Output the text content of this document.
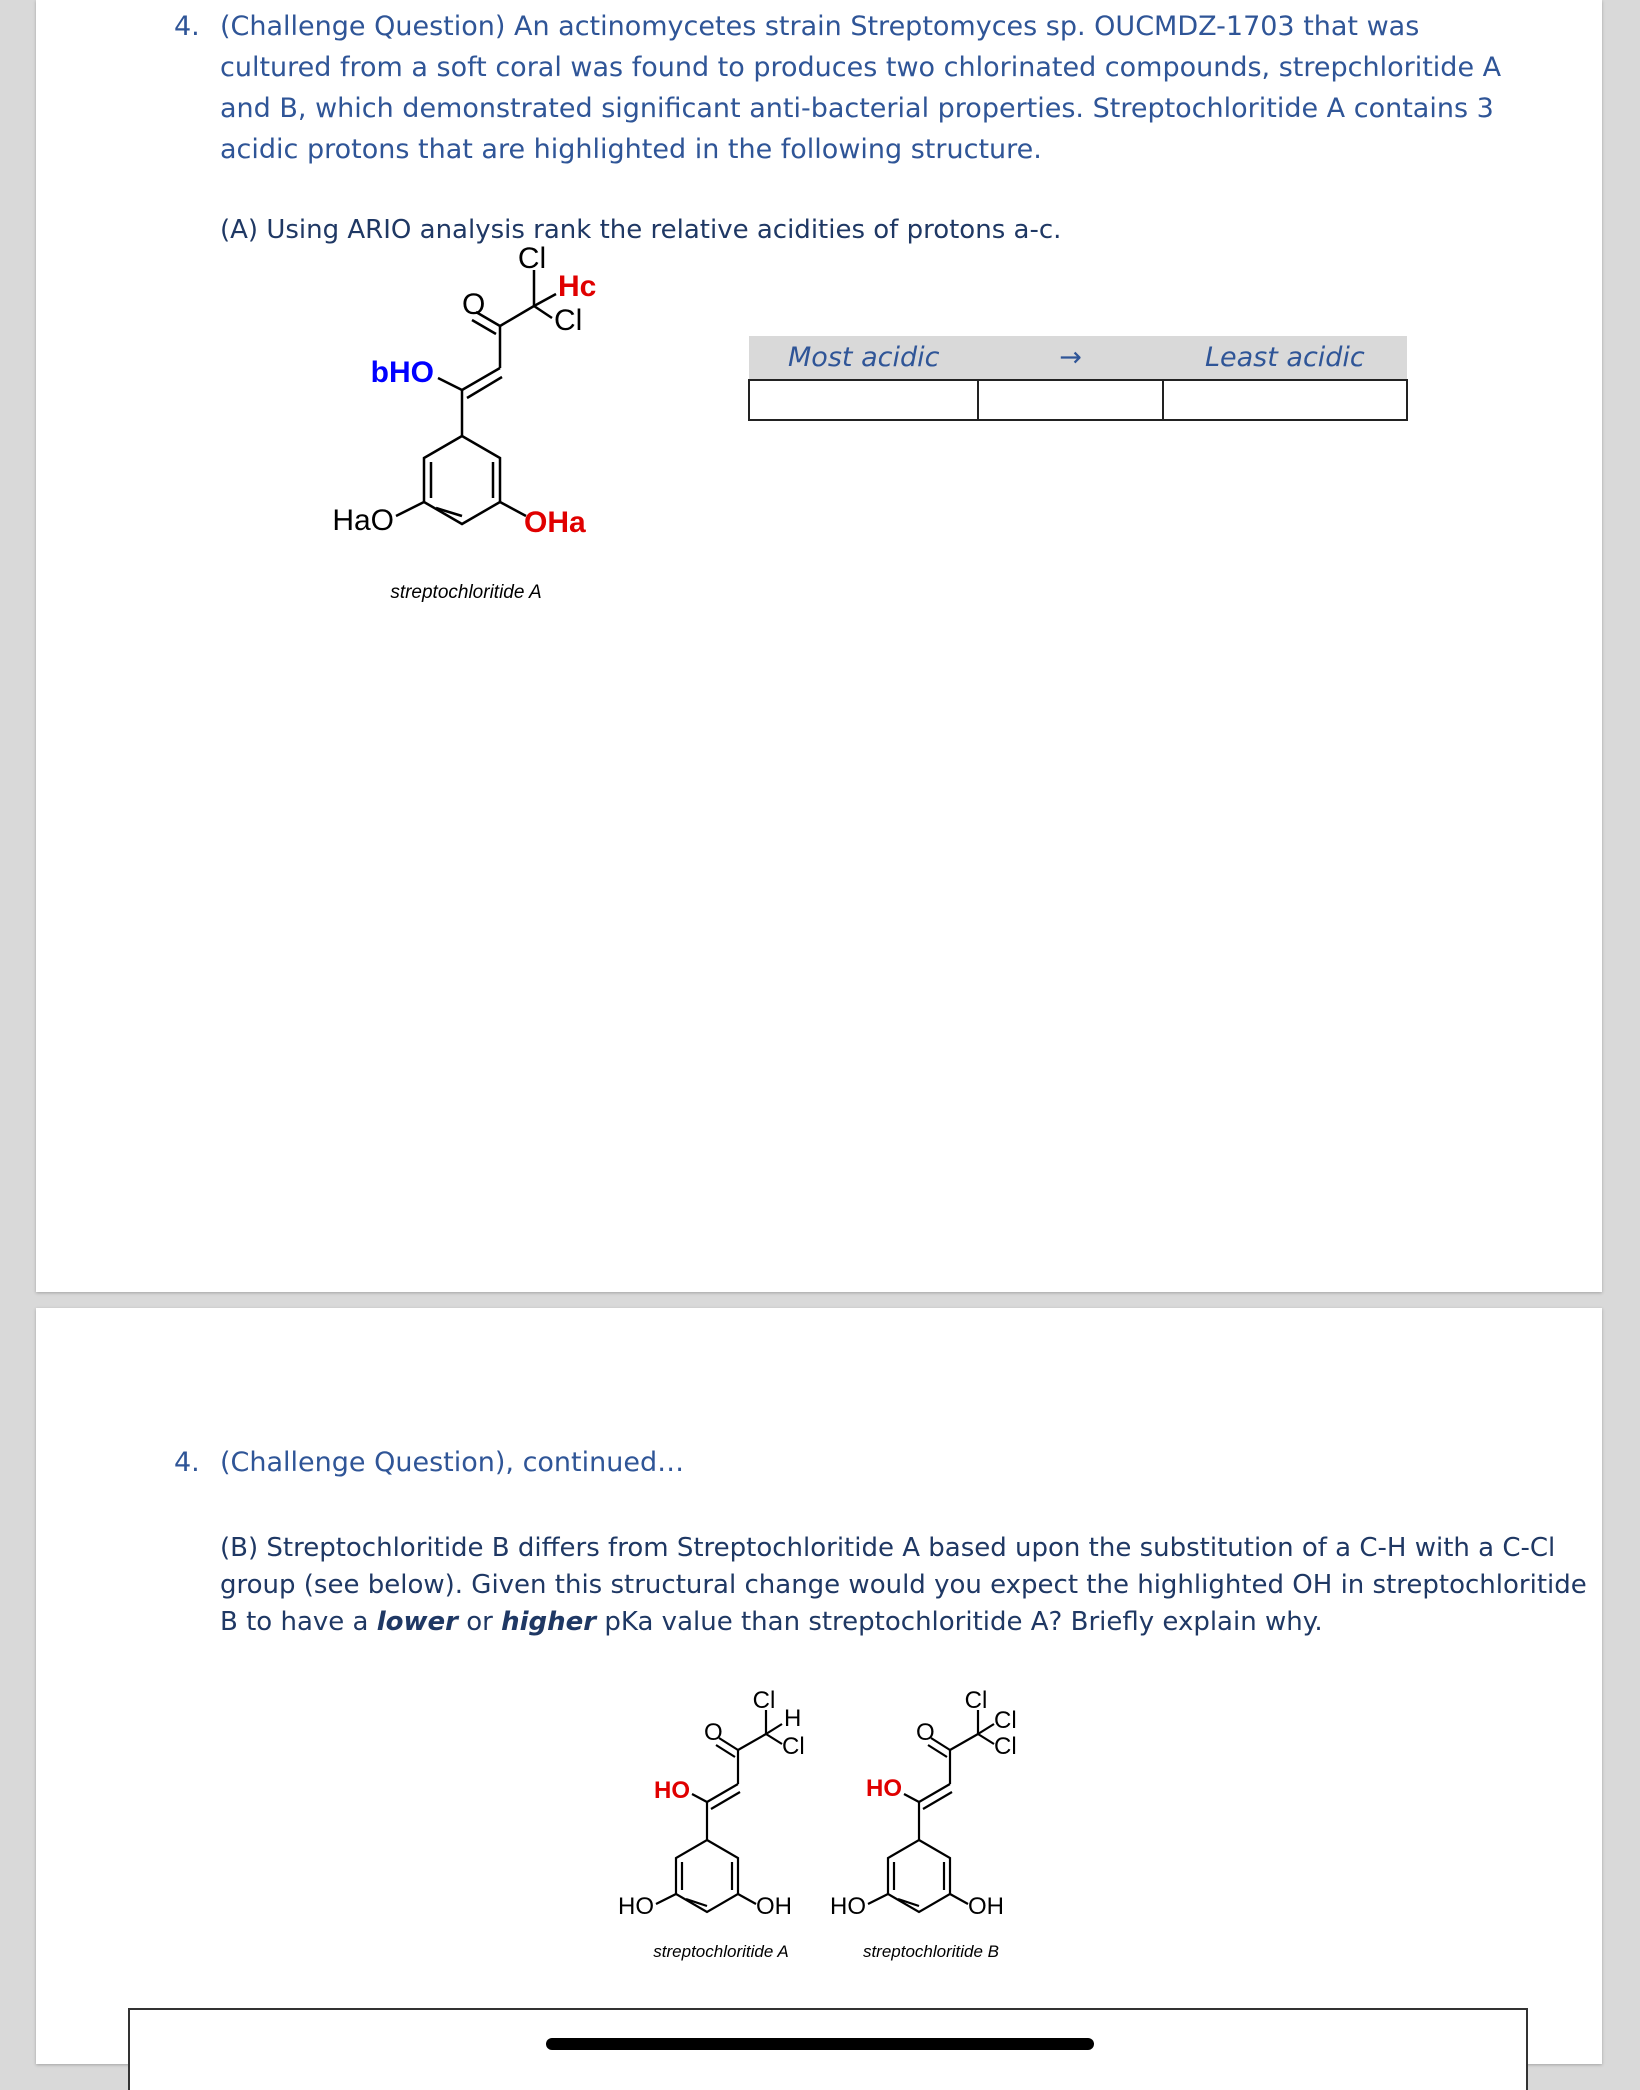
4. (Challenge Question) An actinomycetes strain Streptomyces sp. OUCMDZ-1703 that was
cultured from a soft coral was found to produces two chlorinated compounds, strepchloritide A
and B, which demonstrated significant anti-bacterial properties. Streptochloritide A contains 3
acidic protons that are highlighted in the following structure.
(A) Using ARIO analysis rank the relative acidities of protons a-c.
Cl
Hc
Cl
O
bHO
HaO	OHa
streptochloritide A
Most acidic	→	Least acidic

4. (Challenge Question), continued…
(B) Streptochloritide B differs from Streptochloritide A based upon the substitution of a C-H with a C-Cl
group (see below). Given this structural change would you expect the highlighted OH in streptochloritide
B to have a lower or higher pKa value than streptochloritide A? Briefly explain why.
Cl
H
Cl
O
HO
HO	OH
streptochloritide A
Cl
Cl
Cl
O
HO
HO	OH
streptochloritide B
